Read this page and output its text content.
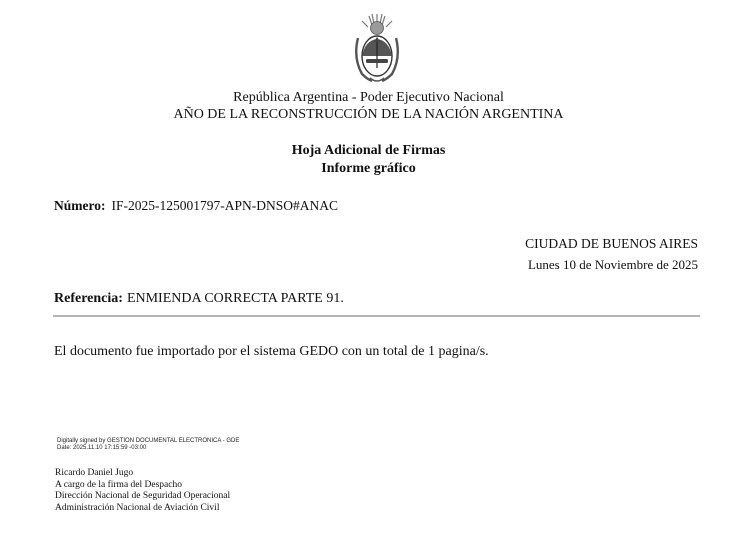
República Argentina - Poder Ejecutivo Nacional
AÑO DE LA RECONSTRUCCIÓN DE LA NACIÓN ARGENTINA
Hoja Adicional de Firmas
Informe gráfico
Número: IF-2025-125001797-APN-DNSO#ANAC
CIUDAD DE BUENOS AIRES
Lunes 10 de Noviembre de 2025
Referencia: ENMIENDA CORRECTA PARTE 91.
El documento fue importado por el sistema GEDO con un total de 1 pagina/s.
Digitally signed by GESTION DOCUMENTAL ELECTRONICA - GDE
Date: 2025.11.10 17:15:59 -03:00
Ricardo Daniel Jugo
A cargo de la firma del Despacho
Dirección Nacional de Seguridad Operacional
Administración Nacional de Aviación Civil
